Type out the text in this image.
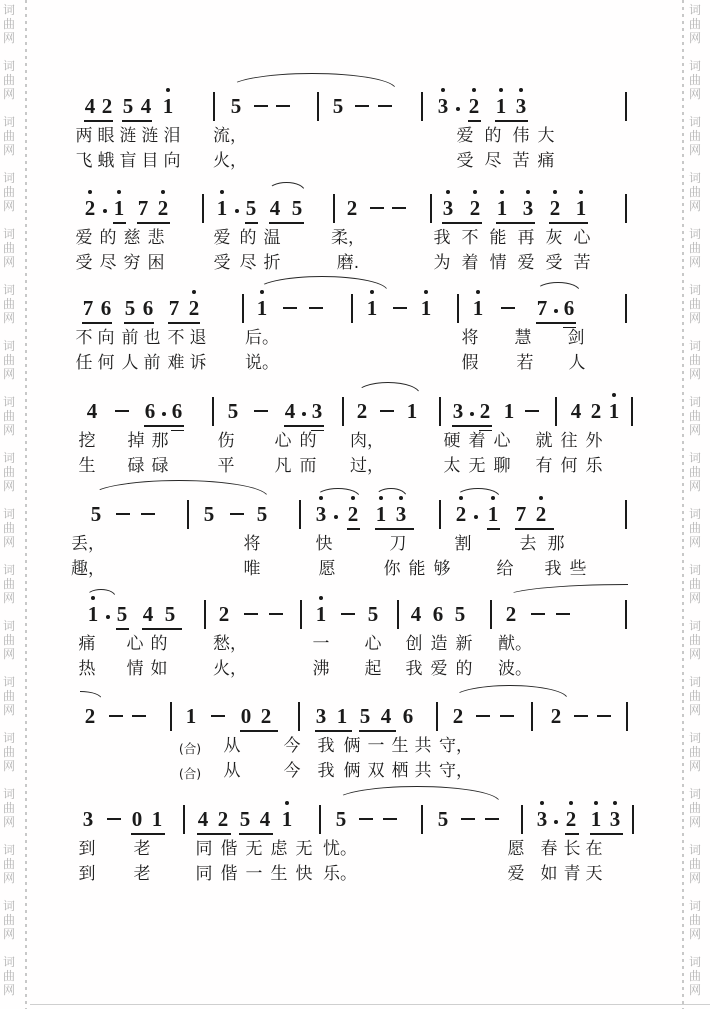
4 2 5 4 1	5	5	3 2 1 3
两 眼 涟 涟 泪 流，	爱 的 伟 大
飞 蛾 盲 目 向 火，	受 尽 苦 痛
2 1 7 2 1 5 4 5 2	3 2 1 3 2 1
爱 的 慈 悲	爱 的 温	柔，	我 不 能 再 灰 心
受 尽 穷 困	受 尽 折	磨.	为 着 情 爱 受 苦
7 6 5 6 7 2	1	1 1 1	7 6
不 向 前 也 不 退 后。	将 慧 剑
任 何 人 前 难 诉 说。	假 若 人
4 6 6 5 4 3 2 1 3 2 1	4 2 1
挖 掉 那	伤 心 的 肉，	硬 着 心 就 往 外
生 碌 碌	平 凡 而 过，	太 无 聊 有 何 乐
5	5 5 3 2 1 3 2 1 7 2
丢，	将	快	刀	割	去 那
趣，	唯	愿	你 能 够	给 我 些
1 5 4 5 2	1 5 4 6 5 2
痛 心 的	愁，	一 心 创 造 新 猷。
热 情 如	火，	沸 起 我 爱 的 波。
2	1 0 2 3 1 5 4 6 2	2
(合) 从	今 我 俩 一 生 共 守，
(合) 从	今 我 俩 双 栖 共 守，
3 0 1 4 2 5 4 1 5	5	3 2 1 3
到 老	同 偕 无 虑 无 忧。	愿 春 长 在
到 老	同 偕 一 生 快 乐。	爱 如 青 天
词
曲
网
词
曲
网
词
曲
网
词
曲
网
词
曲
网
词
曲
网
词
曲
网
词
曲
网
词
曲
网
词
曲
网
词
曲
网
词
曲
网
词
曲
网
词
曲
网
词
曲
网
词
曲
网
词
曲
网
词
曲
网
词
曲
网
词
曲
网
词
曲
网
词
曲
网
词
曲
网
词
曲
网
词
曲
网
词
曲
网
词
曲
网
词
曲
网
词
曲
网
词
曲
网
词
曲
网
词
曲
网
词
曲
网
词
曲
网
词
曲
网
词
曲
网
